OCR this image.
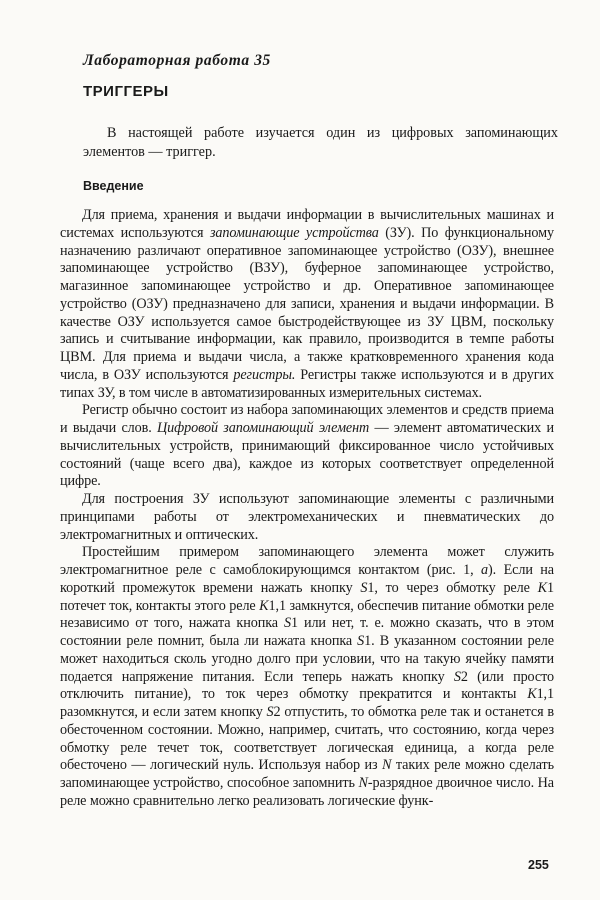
Лабораторная работа 35
ТРИГГЕРЫ

В настоящей работе изучается один из цифровых запоминающих элементов — триггер.

Введение

Для приема, хранения и выдачи информации в вычислительных машинах и системах используются запоминающие устройства (ЗУ). По функциональному назначению различают оперативное запоминающее устройство (ОЗУ), внешнее запоминающее устройство (ВЗУ), буферное запоминающее устройство, магазинное запоминающее устройство и др. Оперативное запоминающее устройство (ОЗУ) предназначено для записи, хранения и выдачи информации. В качестве ОЗУ используется самое быстродействующее из ЗУ ЦВМ, поскольку запись и считывание информации, как правило, производится в темпе работы ЦВМ. Для приема и выдачи числа, а также кратковременного хранения кода числа, в ОЗУ используются регистры. Регистры также используются и в других типах ЗУ, в том числе в автоматизированных измерительных системах.

Регистр обычно состоит из набора запоминающих элементов и средств приема и выдачи слов. Цифровой запоминающий элемент — элемент автоматических и вычислительных устройств, принимающий фиксированное число устойчивых состояний (чаще всего два), каждое из которых соответствует определенной цифре.

Для построения ЗУ используют запоминающие элементы с различными принципами работы от электромеханических и пневматических до электромагнитных и оптических.

Простейшим примером запоминающего элемента может служить электромагнитное реле с самоблокирующимся контактом (рис. 1, а). Если на короткий промежуток времени нажать кнопку S1, то через обмотку реле K1 потечет ток, контакты этого реле K1,1 замкнутся, обеспечив питание обмотки реле независимо от того, нажата кнопка S1 или нет, т. е. можно сказать, что в этом состоянии реле помнит, была ли нажата кнопка S1. В указанном состоянии реле может находиться сколь угодно долго при условии, что на такую ячейку памяти подается напряжение питания. Если теперь нажать кнопку S2 (или просто отключить питание), то ток через обмотку прекратится и контакты K1,1 разомкнутся, и если затем кнопку S2 отпустить, то обмотка реле так и останется в обесточенном состоянии. Можно, например, считать, что состоянию, когда через обмотку реле течет ток, соответствует логическая единица, а когда реле обесточено — логический нуль. Используя набор из N таких реле можно сделать запоминающее устройство, способное запомнить N-разрядное двоичное число. На реле можно сравнительно легко реализовать логические функ-

255
